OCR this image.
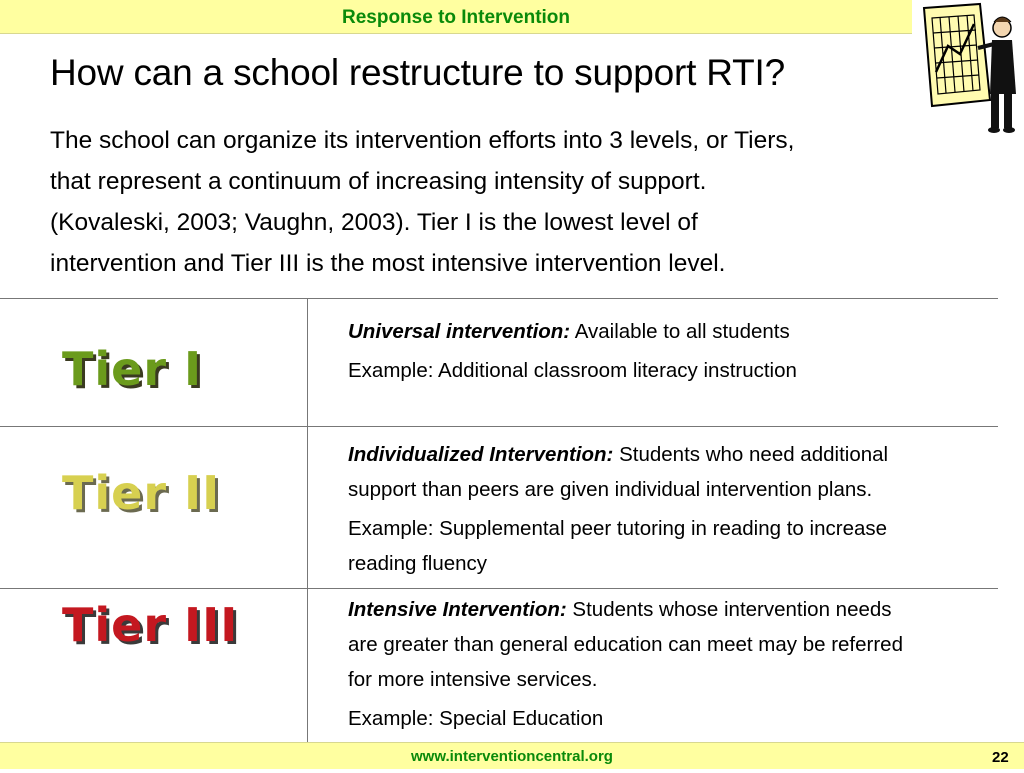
Response to Intervention
How can a school restructure to support RTI?
The school can organize its intervention efforts into 3 levels, or Tiers,
that represent a continuum of increasing intensity of support.
(Kovaleski, 2003; Vaughn, 2003). Tier I is the lowest level of
intervention and Tier III is the most intensive intervention level.
Tier I
Tier II
Tier III

Universal intervention: Available to all students

Example: Additional classroom literacy instruction

Individualized Intervention: Students who need additional

support than peers are given individual intervention plans.

Example: Supplemental peer tutoring in reading to increase

reading fluency

Intensive Intervention: Students whose intervention needs

are greater than general education can meet may be referred

for more intensive services.

Example: Special Education

www.interventioncentral.org	22
